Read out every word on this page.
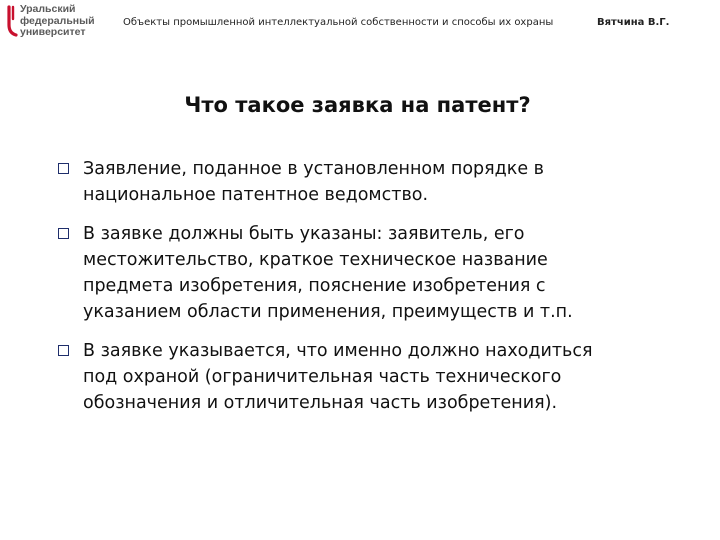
Уральский
федеральный
университет
Объекты промышленной интеллектуальной собственности и способы их охраны	Вятчина В.Г.
Что такое заявка на патент?
Заявление, поданное в установленном порядке в
национальное патентное ведомство.
В заявке должны быть указаны: заявитель, его
местожительство, краткое техническое название
предмета изобретения, пояснение изобретения с
указанием области применения, преимуществ и т.п.
В заявке указывается, что именно должно находиться
под охраной (ограничительная часть технического
обозначения и отличительная часть изобретения).
